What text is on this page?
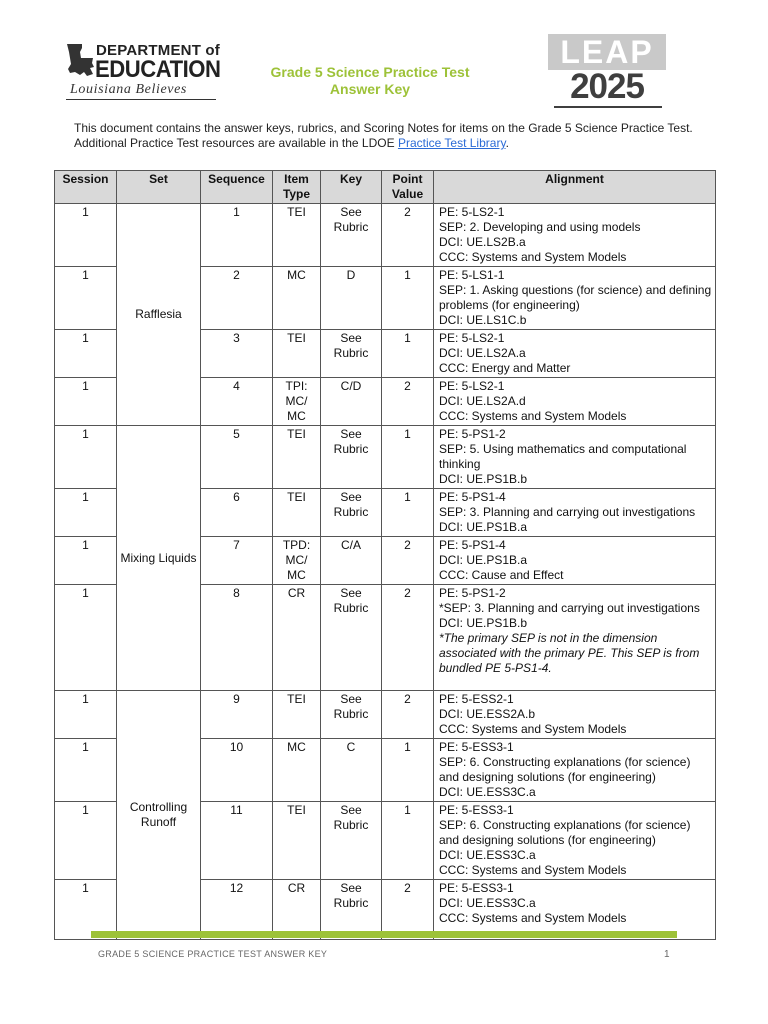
DEPARTMENT of
EDUCATION
Louisiana Believes
Grade 5 Science Practice Test
Answer Key
LEAP
2025
This document contains the answer keys, rubrics, and Scoring Notes for items on the Grade 5 Science Practice Test. Additional Practice Test resources are available in the LDOE Practice Test Library.
Session	Set	Sequence	Item Type	Key	Point Value	Alignment
1	Rafflesia	1	TEI	See Rubric	2	PE: 5-LS2-1
SEP: 2. Developing and using models
DCI: UE.LS2B.a
CCC: Systems and System Models

1		2	MC	D	1	PE: 5-LS1-1
SEP: 1. Asking questions (for science) and defining problems (for engineering)
DCI: UE.LS1C.b

1		3	TEI	See Rubric	1	PE: 5-LS2-1
DCI: UE.LS2A.a
CCC: Energy and Matter

1		4	TPI: MC/ MC	C/D	2	PE: 5-LS2-1
DCI: UE.LS2A.d
CCC: Systems and System Models

1	Mixing Liquids	5	TEI	See Rubric	1	PE: 5-PS1-2
SEP: 5. Using mathematics and computational thinking
DCI: UE.PS1B.b

1		6	TEI	See Rubric	1	PE: 5-PS1-4
SEP: 3. Planning and carrying out investigations
DCI: UE.PS1B.a

1		7	TPD: MC/ MC	C/A	2	PE: 5-PS1-4
DCI: UE.PS1B.a
CCC: Cause and Effect

1		8	CR	See Rubric	2	PE: 5-PS1-2
*SEP: 3. Planning and carrying out investigations
DCI: UE.PS1B.b
*The primary SEP is not in the dimension associated with the primary PE. This SEP is from bundled PE 5-PS1-4.

1	Controlling Runoff	9	TEI	See Rubric	2	PE: 5-ESS2-1
DCI: UE.ESS2A.b
CCC: Systems and System Models

1		10	MC	C	1	PE: 5-ESS3-1
SEP: 6. Constructing explanations (for science) and designing solutions (for engineering)
DCI: UE.ESS3C.a

1		11	TEI	See Rubric	1	PE: 5-ESS3-1
SEP: 6. Constructing explanations (for science) and designing solutions (for engineering)
DCI: UE.ESS3C.a
CCC: Systems and System Models

1		12	CR	See Rubric	2	PE: 5-ESS3-1
DCI: UE.ESS3C.a
CCC: Systems and System Models
GRADE 5 SCIENCE PRACTICE TEST ANSWER KEY	1
